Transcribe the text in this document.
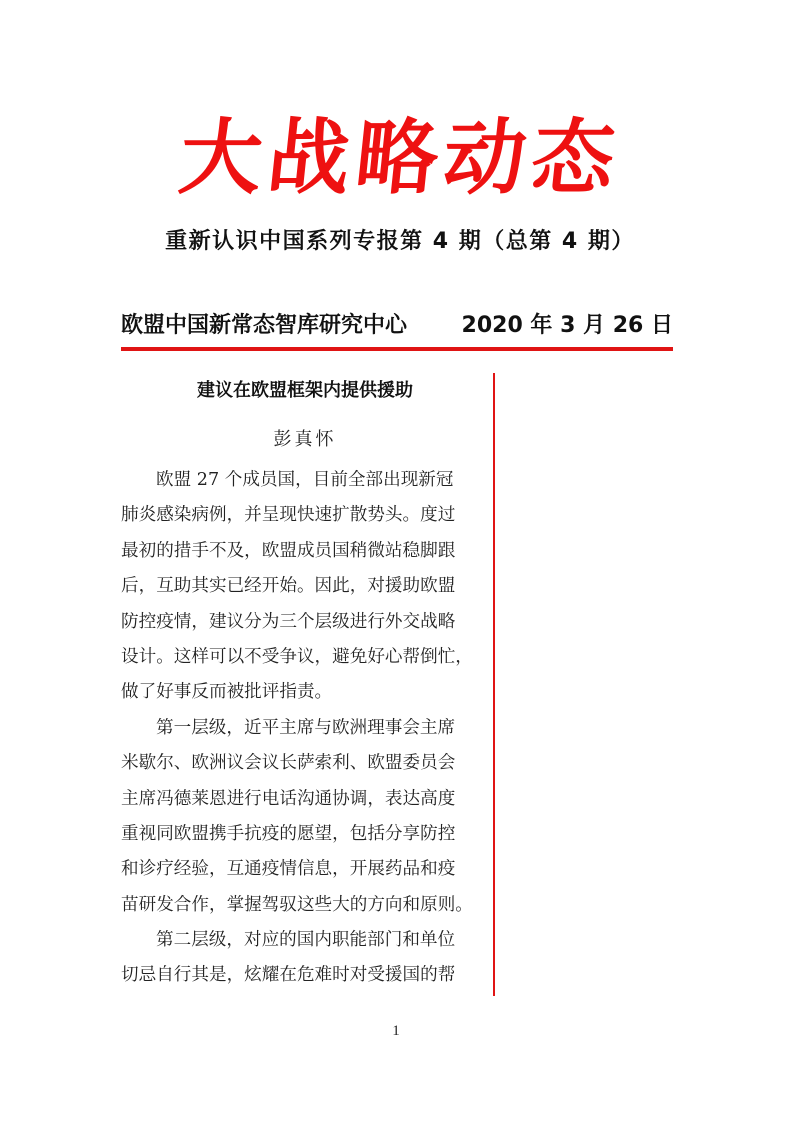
大战略动态
重新认识中国系列专报第 4 期（总第 4 期）
欧盟中国新常态智库研究中心 2020 年 3 月 26 日
建议在欧盟框架内提供援助
彭真怀
欧盟 27 个成员国，目前全部出现新冠
肺炎感染病例，并呈现快速扩散势头。度过
最初的措手不及，欧盟成员国稍微站稳脚跟
后，互助其实已经开始。因此，对援助欧盟
防控疫情，建议分为三个层级进行外交战略
设计。这样可以不受争议，避免好心帮倒忙，
做了好事反而被批评指责。
第一层级，近平主席与欧洲理事会主席
米歇尔、欧洲议会议长萨索利、欧盟委员会
主席冯德莱恩进行电话沟通协调，表达高度
重视同欧盟携手抗疫的愿望，包括分享防控
和诊疗经验，互通疫情信息，开展药品和疫
苗研发合作，掌握驾驭这些大的方向和原则。
第二层级，对应的国内职能部门和单位
切忌自行其是，炫耀在危难时对受援国的帮
1
